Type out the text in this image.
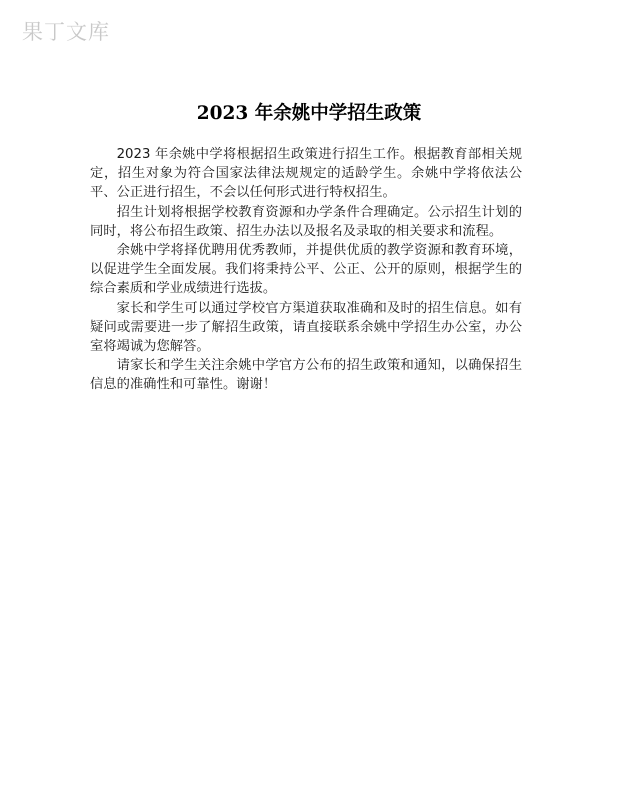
果丁文库
2023 年余姚中学招生政策

2023 年余姚中学将根据招生政策进行招生工作。根据教育部相关规定，招生对象为符合国家法律法规规定的适龄学生。余姚中学将依法公平、公正进行招生，不会以任何形式进行特权招生。

招生计划将根据学校教育资源和办学条件合理确定。公示招生计划的同时，将公布招生政策、招生办法以及报名及录取的相关要求和流程。

余姚中学将择优聘用优秀教师，并提供优质的教学资源和教育环境，以促进学生全面发展。我们将秉持公平、公正、公开的原则，根据学生的综合素质和学业成绩进行选拔。

家长和学生可以通过学校官方渠道获取准确和及时的招生信息。如有疑问或需要进一步了解招生政策，请直接联系余姚中学招生办公室，办公室将竭诚为您解答。

请家长和学生关注余姚中学官方公布的招生政策和通知，以确保招生信息的准确性和可靠性。谢谢！
